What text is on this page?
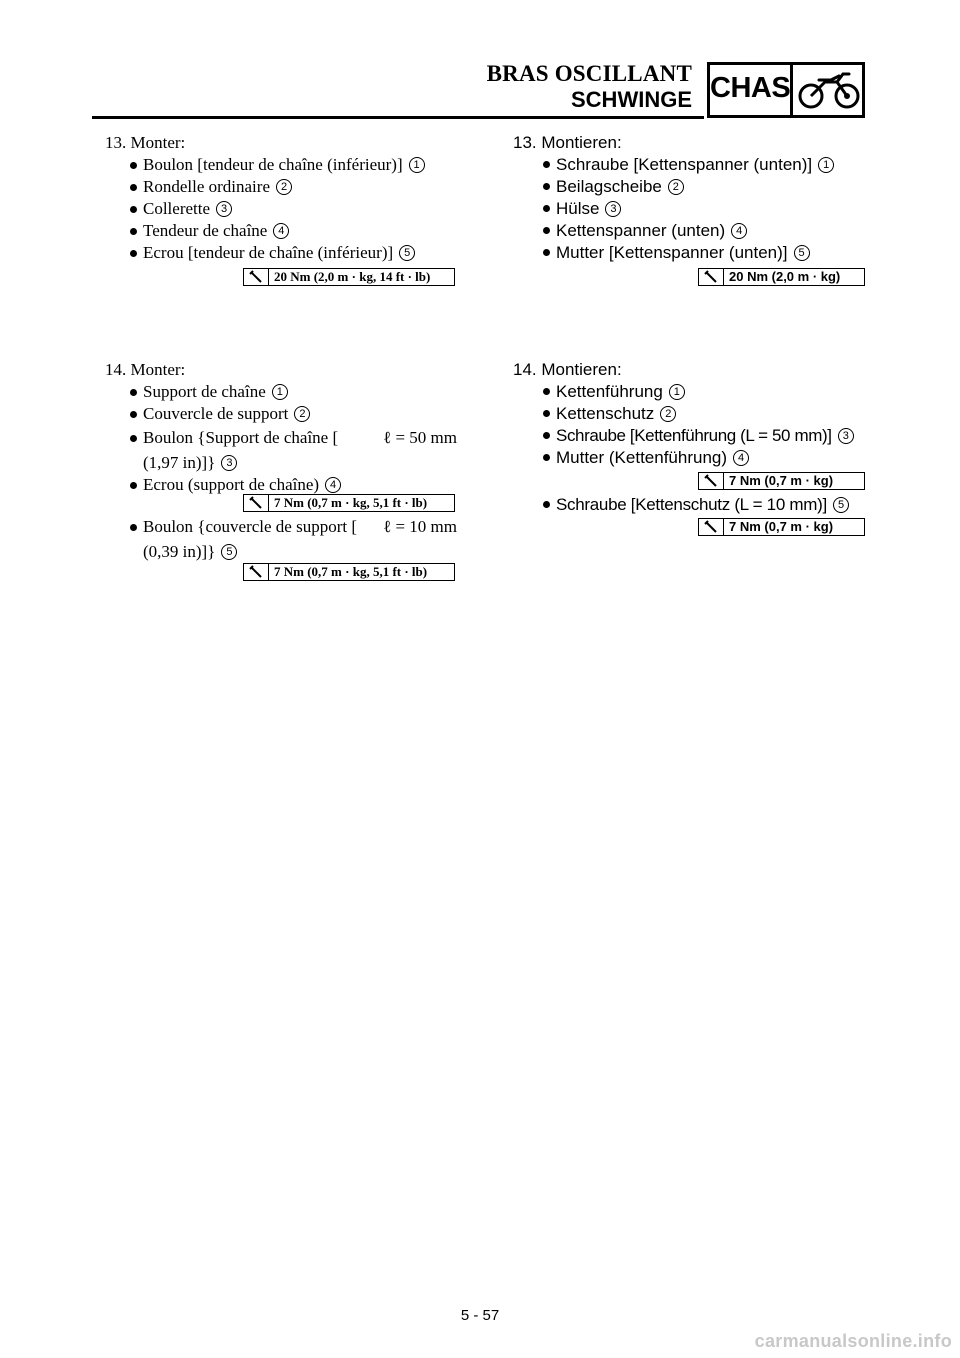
BRAS OSCILLANT
SCHWINGE CHAS
13. Monter:
Boulon [tendeur de chaîne (inférieur)] 1
Rondelle ordinaire 2
Collerette 3
Tendeur de chaîne 4
Ecrou [tendeur de chaîne (inférieur)] 5
20 Nm (2,0 m · kg, 14 ft · lb)
14. Monter:
Support de chaîne 1
Couvercle de support 2
Boulon {Support de chaîne [	ℓ = 50 mm
(1,97 in)]} 3
Ecrou (support de chaîne) 4
7 Nm (0,7 m · kg, 5,1 ft · lb)
Boulon {couvercle de support [ ℓ = 10 mm
(0,39 in)]} 5
7 Nm (0,7 m · kg, 5,1 ft · lb)
13. Montieren:
Schraube [Kettenspanner (unten)] 1
Beilagscheibe 2
Hülse 3
Kettenspanner (unten) 4
Mutter [Kettenspanner (unten)] 5
20 Nm (2,0 m · kg)
14. Montieren:
Kettenführung 1
Kettenschutz 2
Schraube [Kettenführung (L = 50 mm)] 3
Mutter (Kettenführung) 4
7 Nm (0,7 m · kg)
Schraube [Kettenschutz (L = 10 mm)] 5
7 Nm (0,7 m · kg)
5 - 57
carmanualsonline.info
